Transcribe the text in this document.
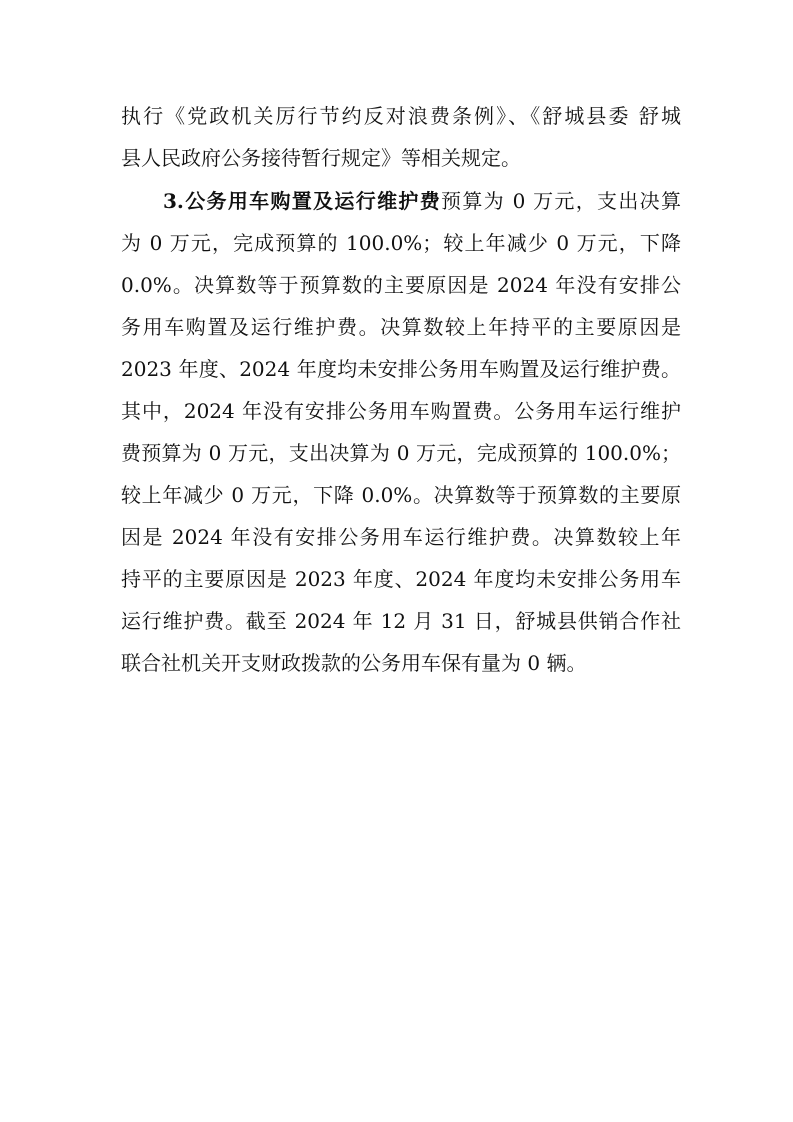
执行《党政机关厉行节约反对浪费条例》、《舒城县委 舒城
县人民政府公务接待暂行规定》等相关规定。
3.公务用车购置及运行维护费预算为 0 万元，支出决算
为 0 万元，完成预算的 100.0%；较上年减少 0 万元，下降
0.0%。决算数等于预算数的主要原因是 2024 年没有安排公
务用车购置及运行维护费。决算数较上年持平的主要原因是
2023 年度、2024 年度均未安排公务用车购置及运行维护费。
其中，2024 年没有安排公务用车购置费。公务用车运行维护
费预算为 0 万元，支出决算为 0 万元，完成预算的 100.0%；
较上年减少 0 万元，下降 0.0%。决算数等于预算数的主要原
因是 2024 年没有安排公务用车运行维护费。决算数较上年
持平的主要原因是 2023 年度、2024 年度均未安排公务用车
运行维护费。截至 2024 年 12 月 31 日，舒城县供销合作社
联合社机关开支财政拨款的公务用车保有量为 0 辆。
